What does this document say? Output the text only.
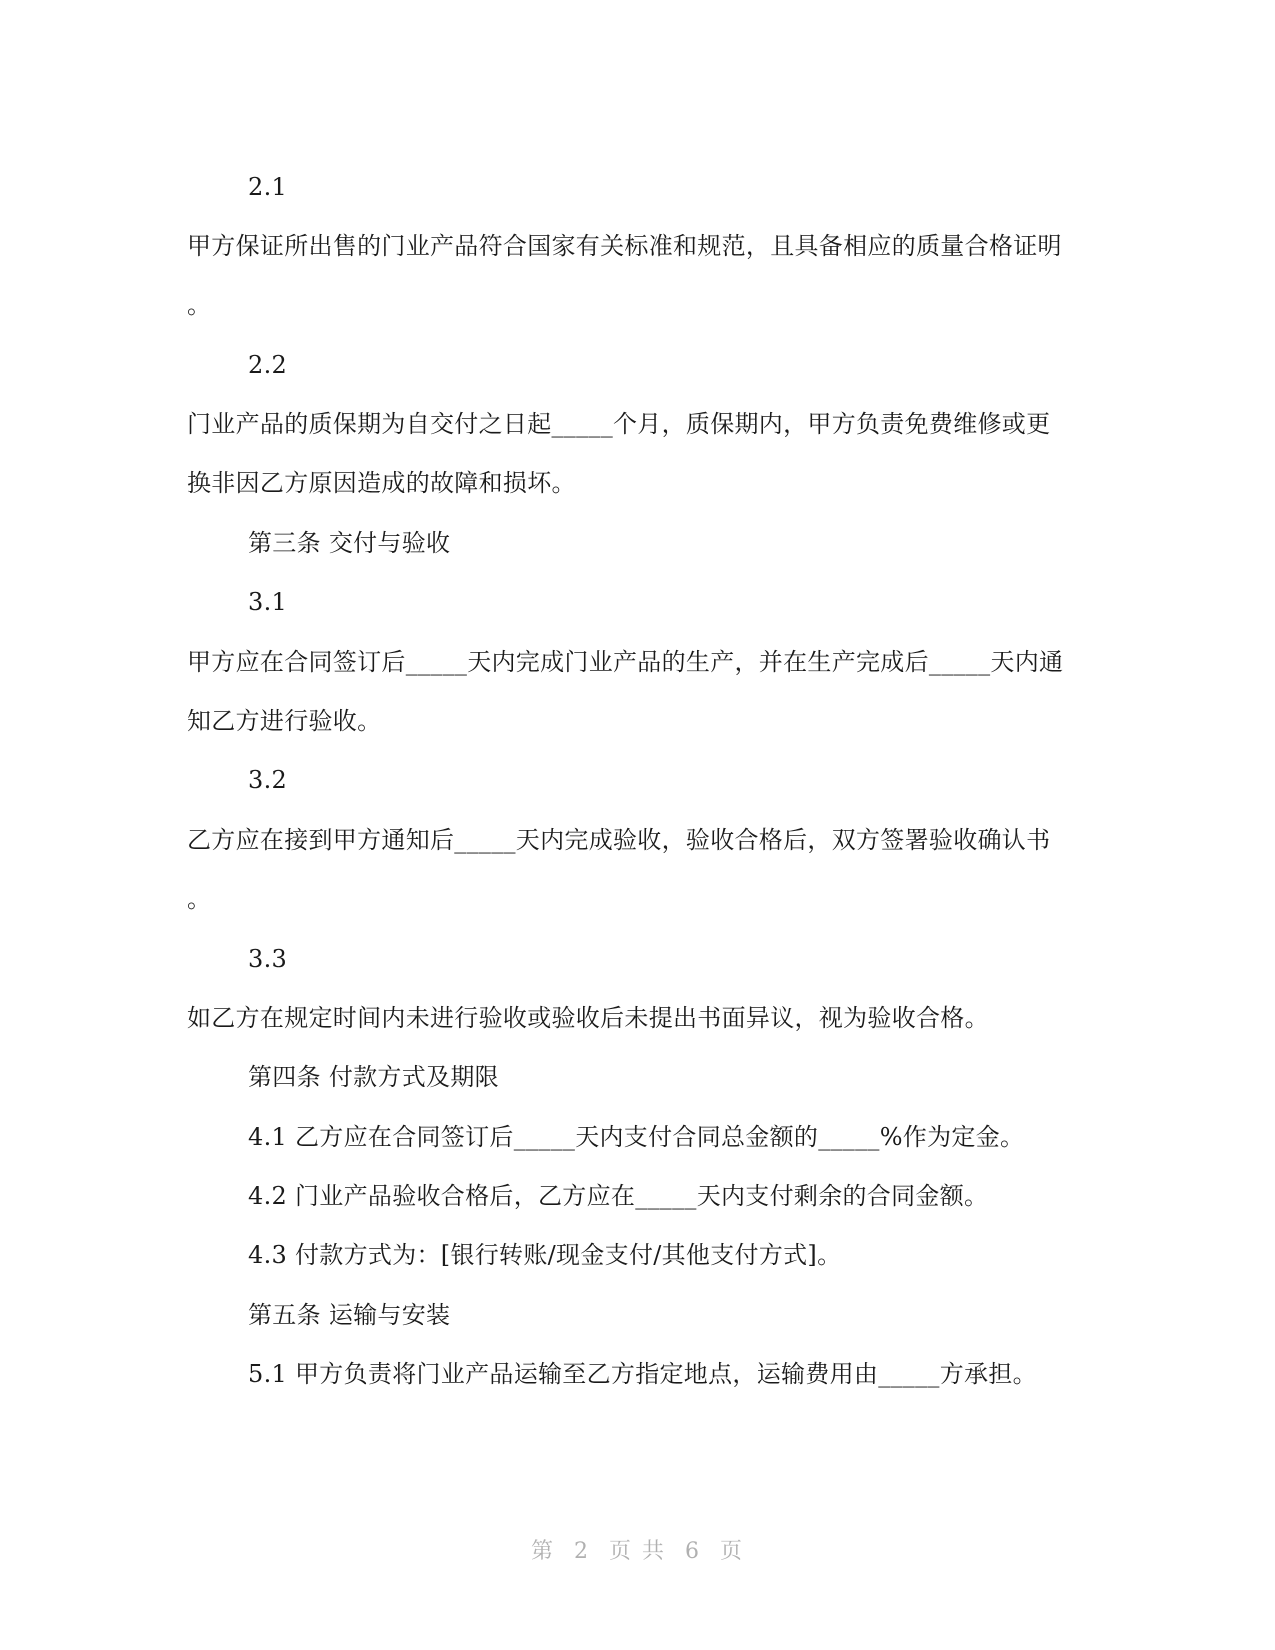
2.1
甲方保证所出售的门业产品符合国家有关标准和规范，且具备相应的质量合格证明
。
2.2
门业产品的质保期为自交付之日起_____个月，质保期内，甲方负责免费维修或更
换非因乙方原因造成的故障和损坏。
第三条 交付与验收
3.1
甲方应在合同签订后_____天内完成门业产品的生产，并在生产完成后_____天内通
知乙方进行验收。
3.2
乙方应在接到甲方通知后_____天内完成验收，验收合格后，双方签署验收确认书
。
3.3
如乙方在规定时间内未进行验收或验收后未提出书面异议，视为验收合格。
第四条 付款方式及期限
4.1 乙方应在合同签订后_____天内支付合同总金额的_____%作为定金。
4.2 门业产品验收合格后，乙方应在_____天内支付剩余的合同金额。
4.3 付款方式为：[银行转账/现金支付/其他支付方式]。
第五条 运输与安装
5.1 甲方负责将门业产品运输至乙方指定地点，运输费用由_____方承担。
第 2 页 共 6 页
